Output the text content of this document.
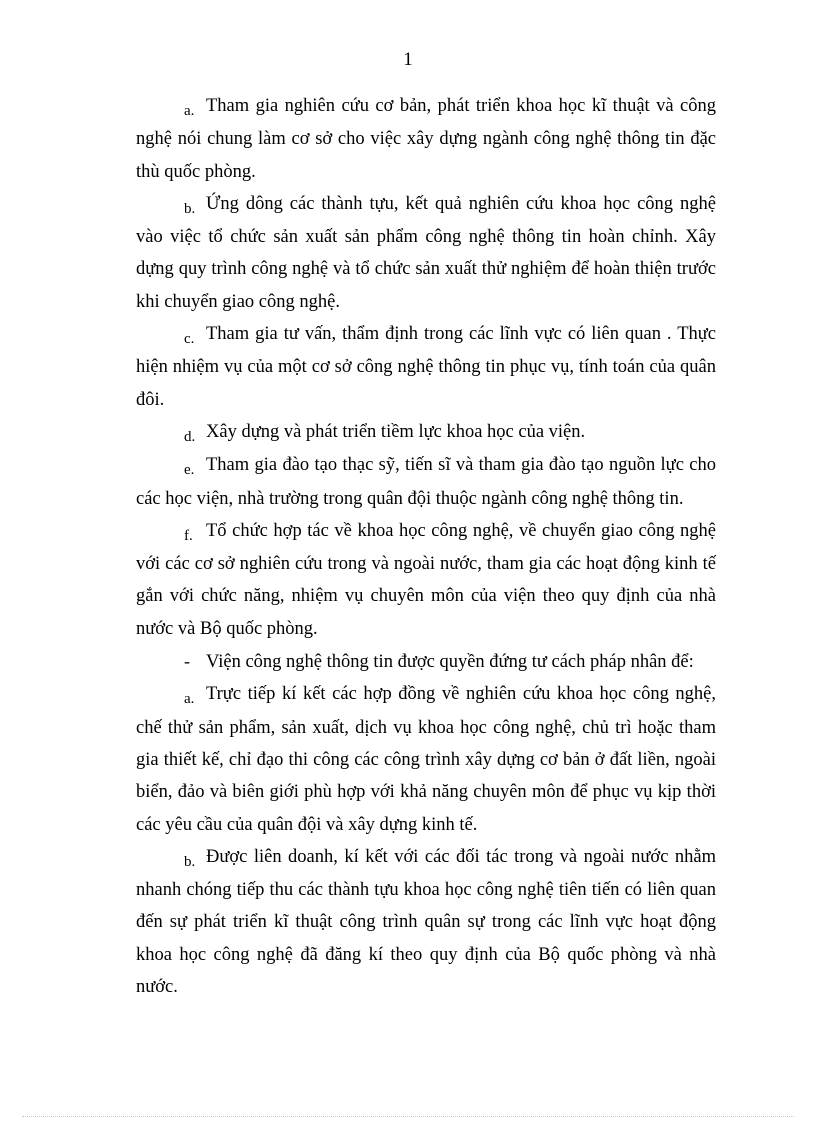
1

a. Tham gia nghiên cứu cơ bản, phát triển khoa học kĩ thuật và công nghệ nói chung làm cơ sở cho việc xây dựng ngành công nghệ thông tin đặc thù quốc phòng.

b. Ứng dông các thành tựu, kết quả nghiên cứu khoa học công nghệ vào việc tổ chức sản xuất sản phẩm công nghệ thông tin hoàn chỉnh. Xây dựng quy trình công nghệ và tổ chức sản xuất thử nghiệm để hoàn thiện trước khi chuyển giao công nghệ.

c. Tham gia tư vấn, thẩm định trong các lĩnh vực có liên quan . Thực hiện nhiệm vụ của một cơ sở công nghệ thông tin phục vụ, tính toán của quân đôi.

d. Xây dựng và phát triển tiềm lực khoa học của viện.

e. Tham gia đào tạo thạc sỹ, tiến sĩ và tham gia đào tạo nguồn lực cho các học viện, nhà trường trong quân đội thuộc ngành công nghệ thông tin.

f. Tổ chức hợp tác về khoa học công nghệ, về chuyển giao công nghệ với các cơ sở nghiên cứu trong và ngoài nước, tham gia các hoạt động kinh tế gắn với chức năng, nhiệm vụ chuyên môn của viện theo quy định của nhà nước và Bộ quốc phòng.

- Viện công nghệ thông tin được quyền đứng tư cách pháp nhân để:

a. Trực tiếp kí kết các hợp đồng về nghiên cứu khoa học công nghệ, chế thử sản phẩm, sản xuất, dịch vụ khoa học công nghệ, chủ trì hoặc tham gia thiết kế, chỉ đạo thi công các công trình xây dựng cơ bản ở đất liền, ngoài biển, đảo và biên giới phù hợp với khả năng chuyên môn để phục vụ kịp thời các yêu cầu của quân đội và xây dựng kinh tế.

b. Được liên doanh, kí kết với các đối tác trong và ngoài nước nhằm nhanh chóng tiếp thu các thành tựu khoa học công nghệ tiên tiến có liên quan đến sự phát triển kĩ thuật công trình quân sự trong các lĩnh vực hoạt động khoa học công nghệ đã đăng kí theo quy định của Bộ quốc phòng và nhà nước.
